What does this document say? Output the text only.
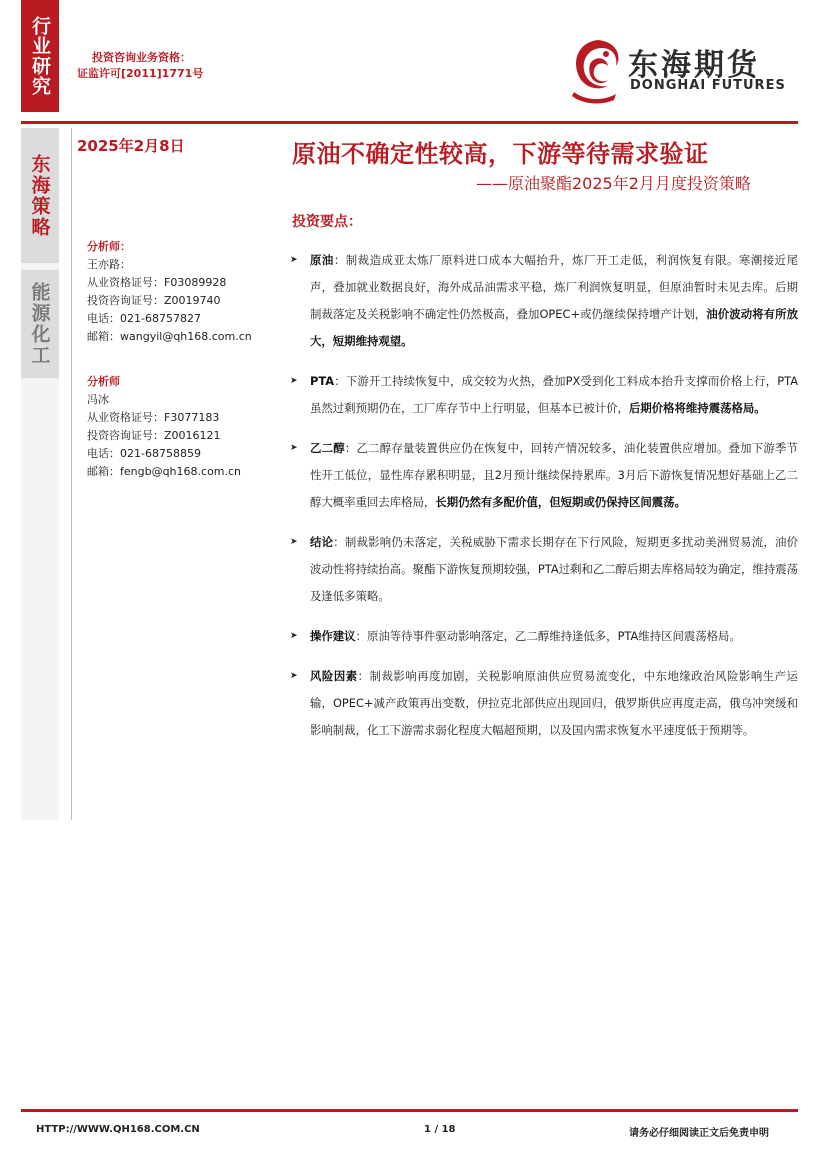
行业研究	投资咨询业务资格：
证监许可[2011]1771号	东海期货
DONGHAI FUTURES
东海策略
能源化工
2025年2月8日	原油不确定性较高，下游等待需求验证
——原油聚酯2025年2月月度投资策略
分析师：
王亦路：
从业资格证号：F03089928
投资咨询证号：Z0019740
电话：021-68757827
邮箱：wangyil@qh168.com.cn
分析师
冯冰
从业资格证号：F3077183
投资咨询证号：Z0016121
电话：021-68758859
邮箱：fengb@qh168.com.cn
投资要点：
➤ 原油：制裁造成亚太炼厂原料进口成本大幅抬升，炼厂开工走低，利润恢复有限。寒潮接近尾声，叠加就业数据良好，海外成品油需求平稳，炼厂利润恢复明显，但原油暂时未见去库。后期制裁落定及关税影响不确定性仍然极高，叠加OPEC+或仍继续保持增产计划，油价波动将有所放大，短期维持观望。
➤ PTA：下游开工持续恢复中，成交较为火热，叠加PX受到化工料成本抬升支撑而价格上行，PTA虽然过剩预期仍在，工厂库存节中上行明显，但基本已被计价，后期价格将维持震荡格局。
➤ 乙二醇：乙二醇存量装置供应仍在恢复中，回转产情况较多，油化装置供应增加。叠加下游季节性开工低位，显性库存累积明显，且2月预计继续保持累库。3月后下游恢复情况想好基础上乙二醇大概率重回去库格局，长期仍然有多配价值，但短期或仍保持区间震荡。
➤ 结论：制裁影响仍未落定，关税威胁下需求长期存在下行风险，短期更多扰动美洲贸易流，油价波动性将持续抬高。聚酯下游恢复预期较强，PTA过剩和乙二醇后期去库格局较为确定，维持震荡及逢低多策略。
➤ 操作建议：原油等待事件驱动影响落定，乙二醇维持逢低多，PTA维持区间震荡格局。
➤ 风险因素：制裁影响再度加剧，关税影响原油供应贸易流变化，中东地缘政治风险影响生产运输，OPEC+减产政策再出变数，伊拉克北部供应出现回归，俄罗斯供应再度走高，俄乌冲突缓和影响制裁，化工下游需求弱化程度大幅超预期，以及国内需求恢复水平速度低于预期等。
HTTP://WWW.QH168.COM.CN	1 / 18	请务必仔细阅读正文后免责申明
